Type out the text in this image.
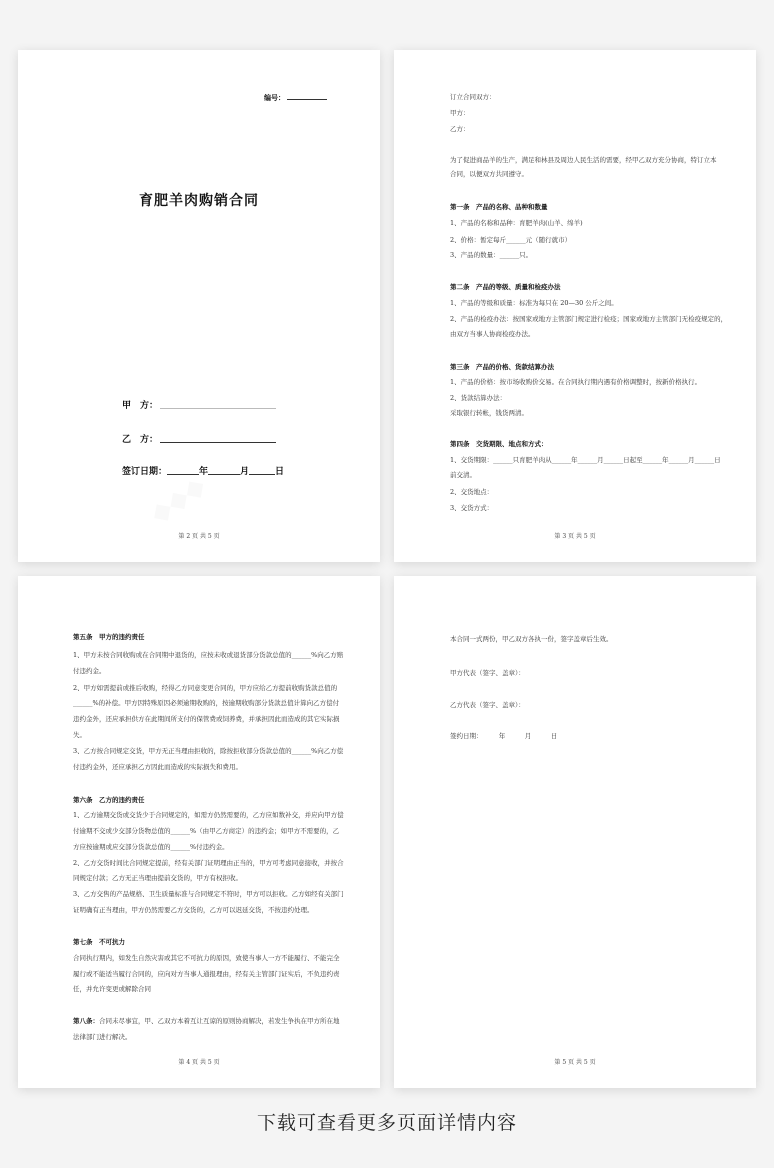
编号：
育肥羊肉购销合同
甲　方：
乙　方：
签订日期：	年	月	日
第 2 页 共 5 页
订立合同双方：
甲方：
乙方：
为了促进商品羊的生产，满足和林县及周边人民生活的需要，经甲乙双方充分协商，特订立本
合同，以便双方共同遵守。
第一条　产品的名称、品种和数量
1、产品的名称和品种：育肥羊肉(山羊、绵羊)
2、价格：暂定每斤______元（随行就市）
3、产品的数量：______只。
第二条　产品的等级、质量和检疫办法
1、产品的等级和质量：标准为每只在 20—30 公斤之间。
2、产品的检疫办法：按国家或地方主管部门规定进行检疫；国家或地方主管部门无检疫规定的，
由双方当事人协商检疫办法。
第三条　产品的价格、货款结算办法
1、产品的价格：按市场收购价交易。在合同执行期内遇有价格调整时，按新价格执行。
2、货款结算办法：
采取银行转帐，钱货两清。
第四条　交货期限、地点和方式：
1、交货期限：______只育肥羊肉从______年______月______日起至______年______月______日
前交清。
2、交货地点：
3、交货方式：
第 3 页 共 5 页
第五条　甲方的违约责任
1、甲方未按合同收购或在合同期中退货的，应按未收或退货部分货款总值的______%向乙方赔
付违约金。
2、甲方如需提前或推后收购，经得乙方同意变更合同的，甲方应给乙方提前收购货款总值的
______%的补偿。甲方因特殊原因必须逾期收购的，按逾期收购部分货款总值计算向乙方偿付
违约金外，还应承担供方在此期间所支付的保管费或饲养费，并承担因此而造成的其它实际损
失。
3、乙方按合同规定交货，甲方无正当理由拒收的，除按拒收部分货款总值的______%向乙方偿
付违约金外，还应承担乙方因此而造成的实际损失和费用。
第六条　乙方的违约责任
1、乙方逾期交货或交货少于合同规定的，如需方仍然需要的，乙方应如数补交，并应向甲方偿
付逾期不交或少交部分货物总值的______%（由甲乙方商定）的违约金；如甲方不需要的，乙
方应按逾期或应交部分货款总值的______%付违约金。
2、乙方交货时间比合同规定提前，经有关部门证明理由正当的，甲方可考虑同意接收，并按合
同规定付款；乙方无正当理由提前交货的，甲方有权拒收。
3、乙方交售的产品规格、卫生质量标准与合同规定不符时，甲方可以拒收。乙方如经有关部门
证明确有正当理由，甲方仍然需要乙方交货的，乙方可以迟延交货，不按违约处理。
第七条　不可抗力
合同执行期内，如发生自然灾害或其它不可抗力的原因，致使当事人一方不能履行、不能完全
履行或不能适当履行合同的，应向对方当事人通报理由，经有关主管部门证实后，不负违约责
任，并允许变更或解除合同
第八条：合同未尽事宜，甲、乙双方本着互让互谅的原则协商解决，若发生争执在甲方所在地
法律部门进行解决。
第 4 页 共 5 页
本合同一式两份，甲乙双方各执一份，签字盖章后生效。
甲方代表（签字、盖章）：
乙方代表（签字、盖章）：
签约日期：　　　年　　　月　　　日
第 5 页 共 5 页
下载可查看更多页面详情内容
